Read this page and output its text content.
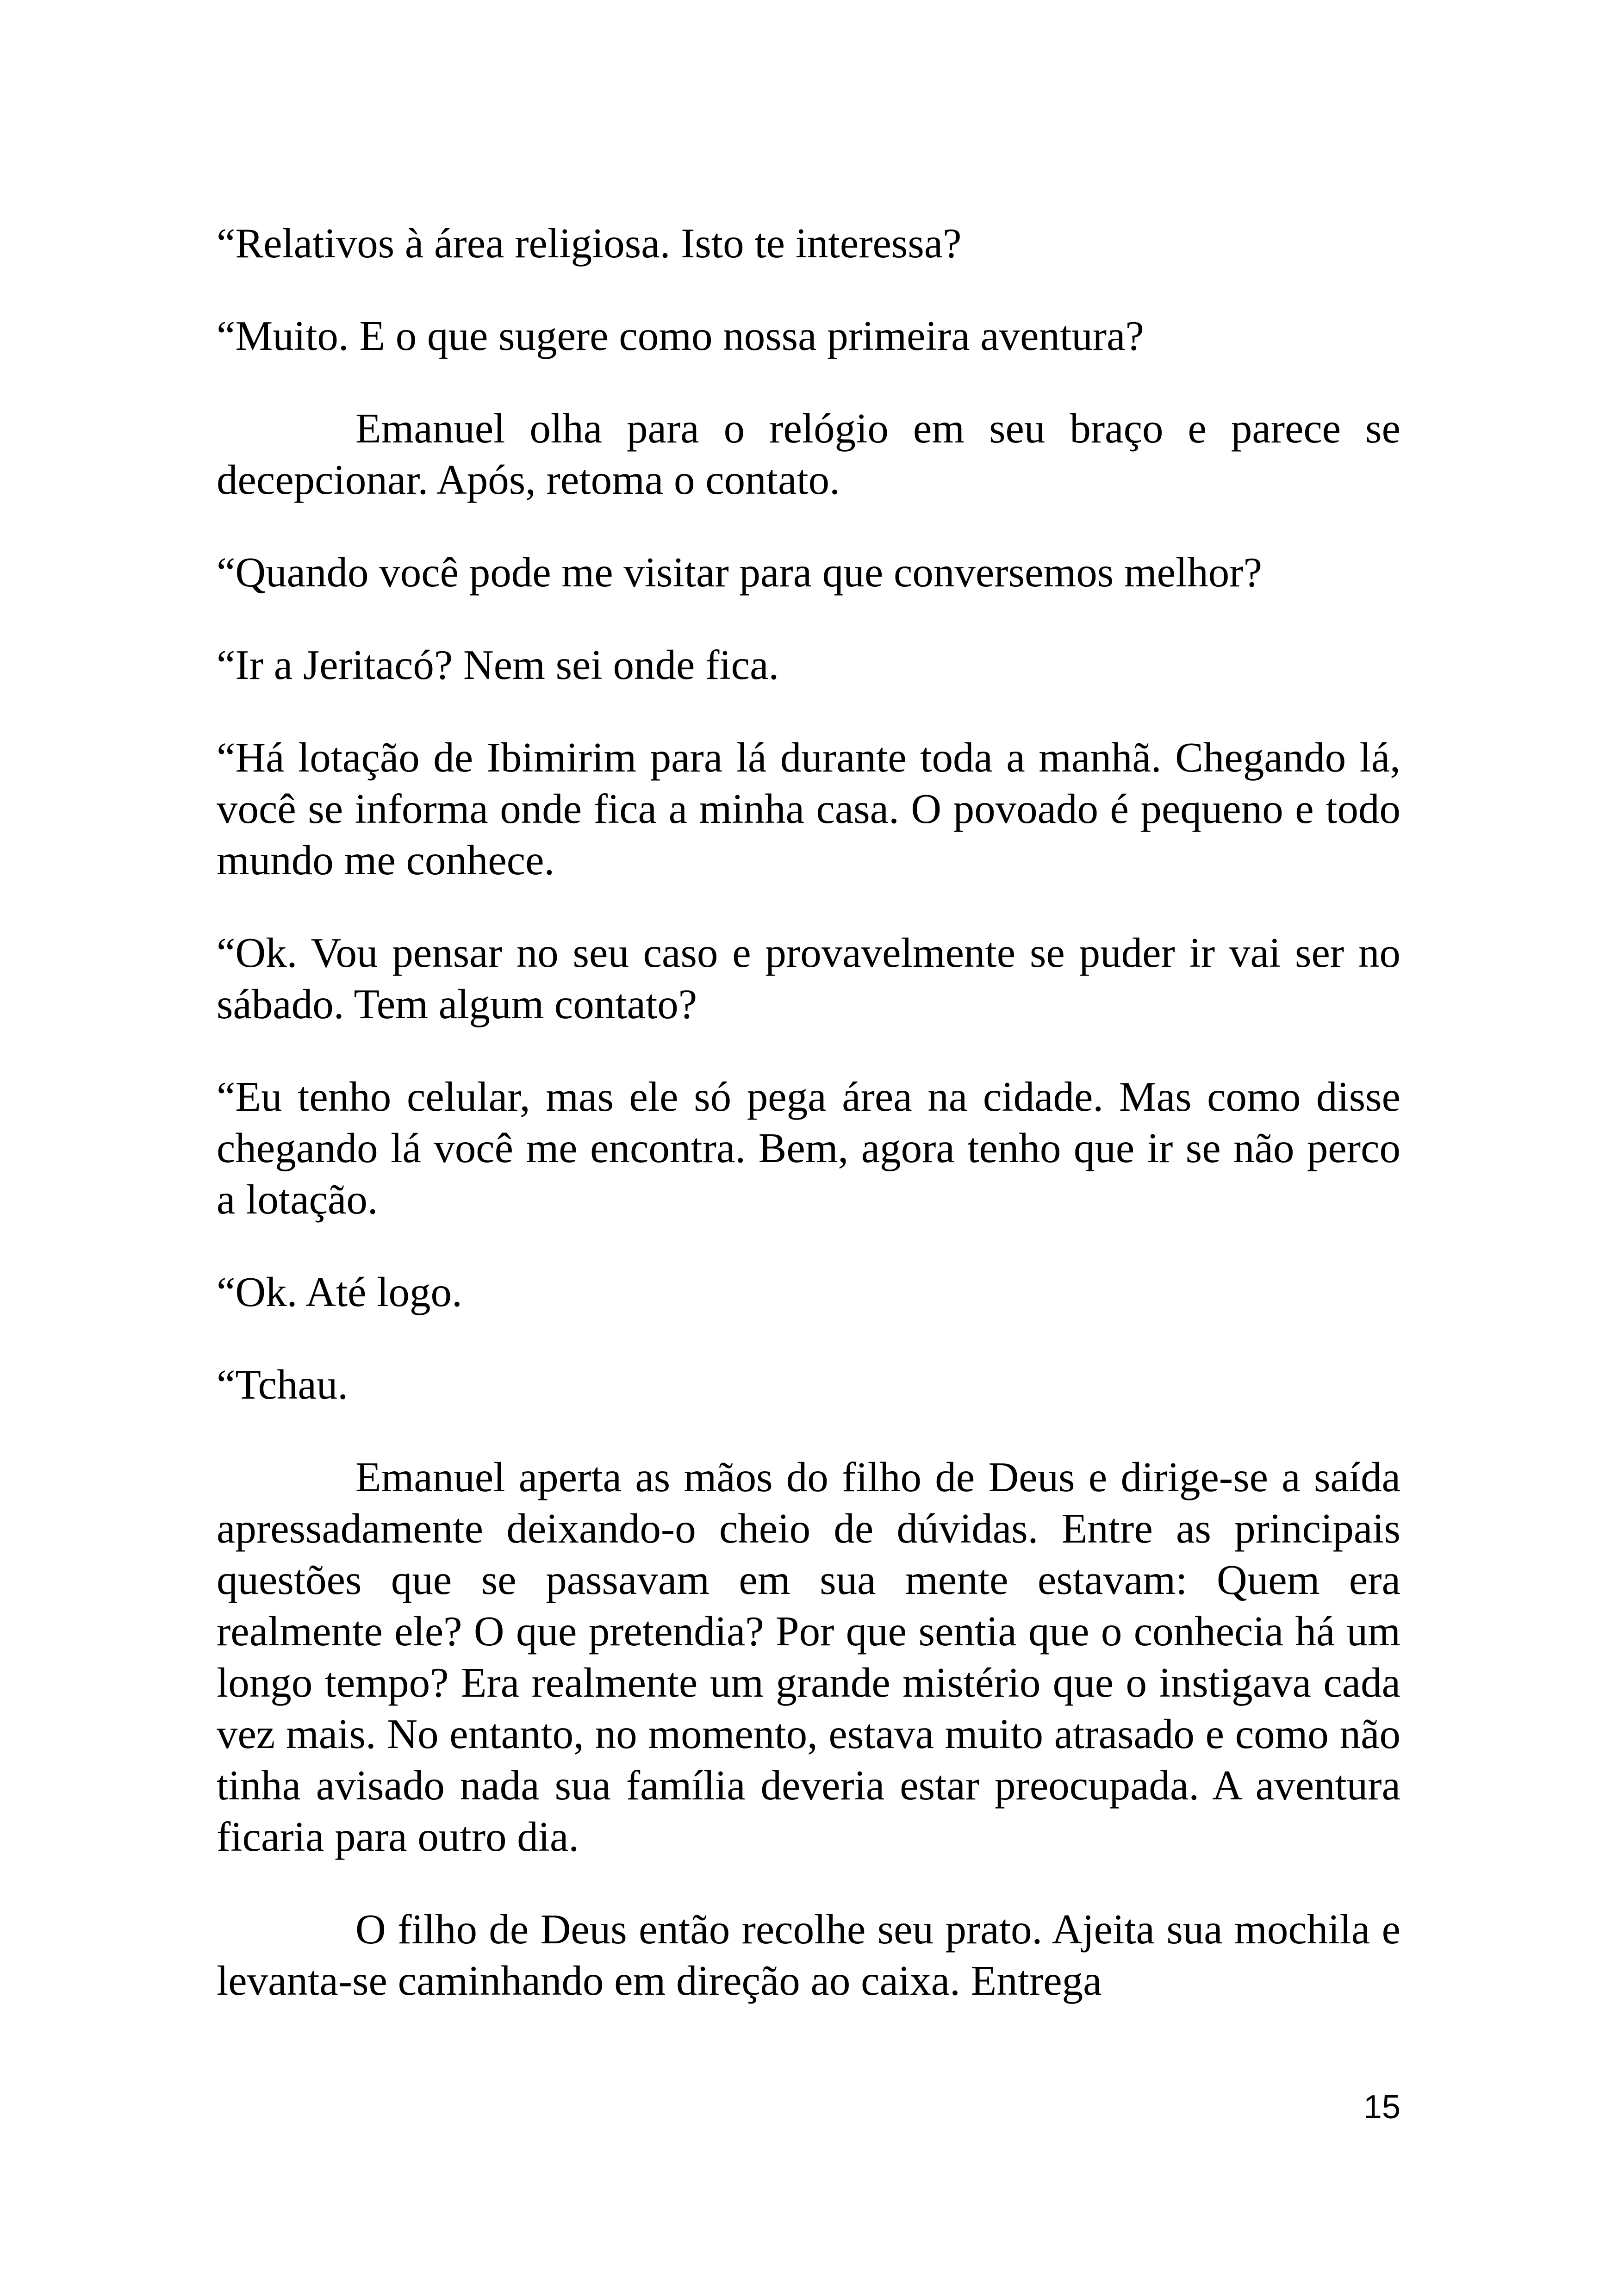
“Relativos à área religiosa. Isto te interessa?

“Muito. E o que sugere como nossa primeira aventura?

Emanuel olha para o relógio em seu braço e parece se decepcionar. Após, retoma o contato.

“Quando você pode me visitar para que conversemos melhor?

“Ir a Jeritacó? Nem sei onde fica.

“Há lotação de Ibimirim para lá durante toda a manhã. Chegando lá, você se informa onde fica a minha casa. O povoado é pequeno e todo mundo me conhece.

“Ok. Vou pensar no seu caso e provavelmente se puder ir vai ser no sábado. Tem algum contato?

“Eu tenho celular, mas ele só pega área na cidade. Mas como disse chegando lá você me encontra. Bem, agora tenho que ir se não perco a lotação.

“Ok. Até logo.

“Tchau.

Emanuel aperta as mãos do filho de Deus e dirige-se a saída apressadamente deixando-o cheio de dúvidas. Entre as principais questões que se passavam em sua mente estavam: Quem era realmente ele? O que pretendia? Por que sentia que o conhecia há um longo tempo? Era realmente um grande mistério que o instigava cada vez mais. No entanto, no momento, estava muito atrasado e como não tinha avisado nada sua família deveria estar preocupada. A aventura ficaria para outro dia.

O filho de Deus então recolhe seu prato. Ajeita sua mochila e levanta-se caminhando em direção ao caixa. Entrega

15
